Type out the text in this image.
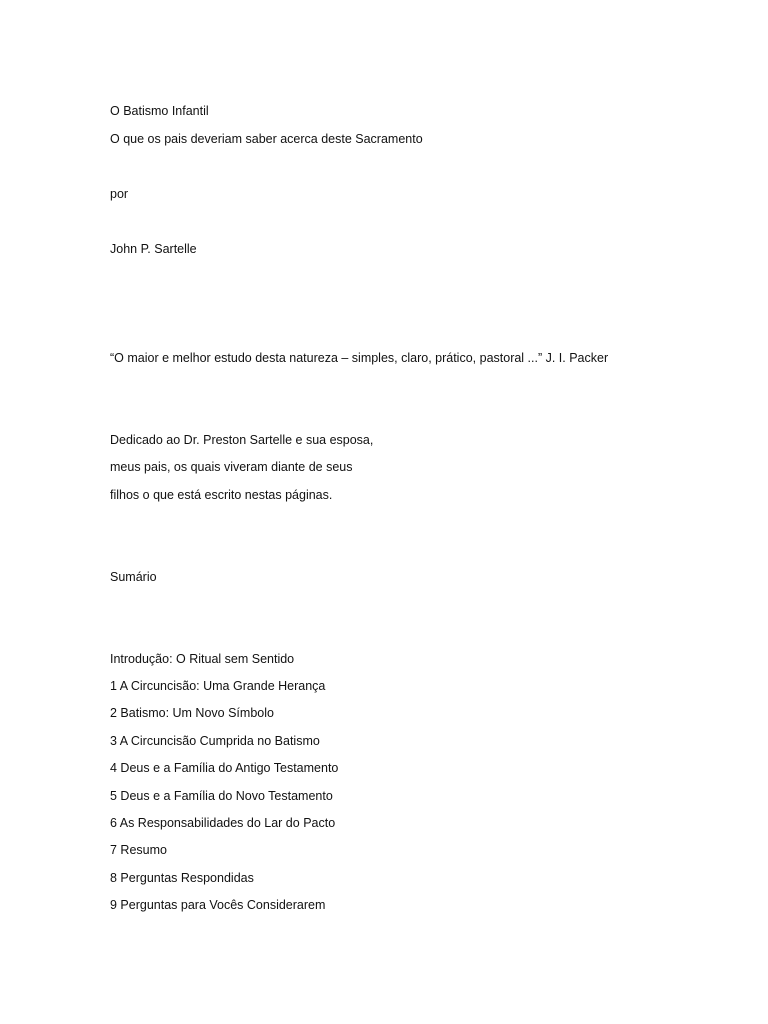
O Batismo Infantil
O que os pais deveriam saber acerca deste Sacramento
por
John P. Sartelle
“O maior e melhor estudo desta natureza – simples, claro, prático, pastoral ...” J. I. Packer
Dedicado ao Dr. Preston Sartelle e sua esposa,
meus pais, os quais viveram diante de seus
filhos o que está escrito nestas páginas.
Sumário
Introdução: O Ritual sem Sentido
1 A Circuncisão: Uma Grande Herança
2 Batismo: Um Novo Símbolo
3 A Circuncisão Cumprida no Batismo
4 Deus e a Família do Antigo Testamento
5 Deus e a Família do Novo Testamento
6 As Responsabilidades do Lar do Pacto
7 Resumo
8 Perguntas Respondidas
9 Perguntas para Vocês Considerarem
